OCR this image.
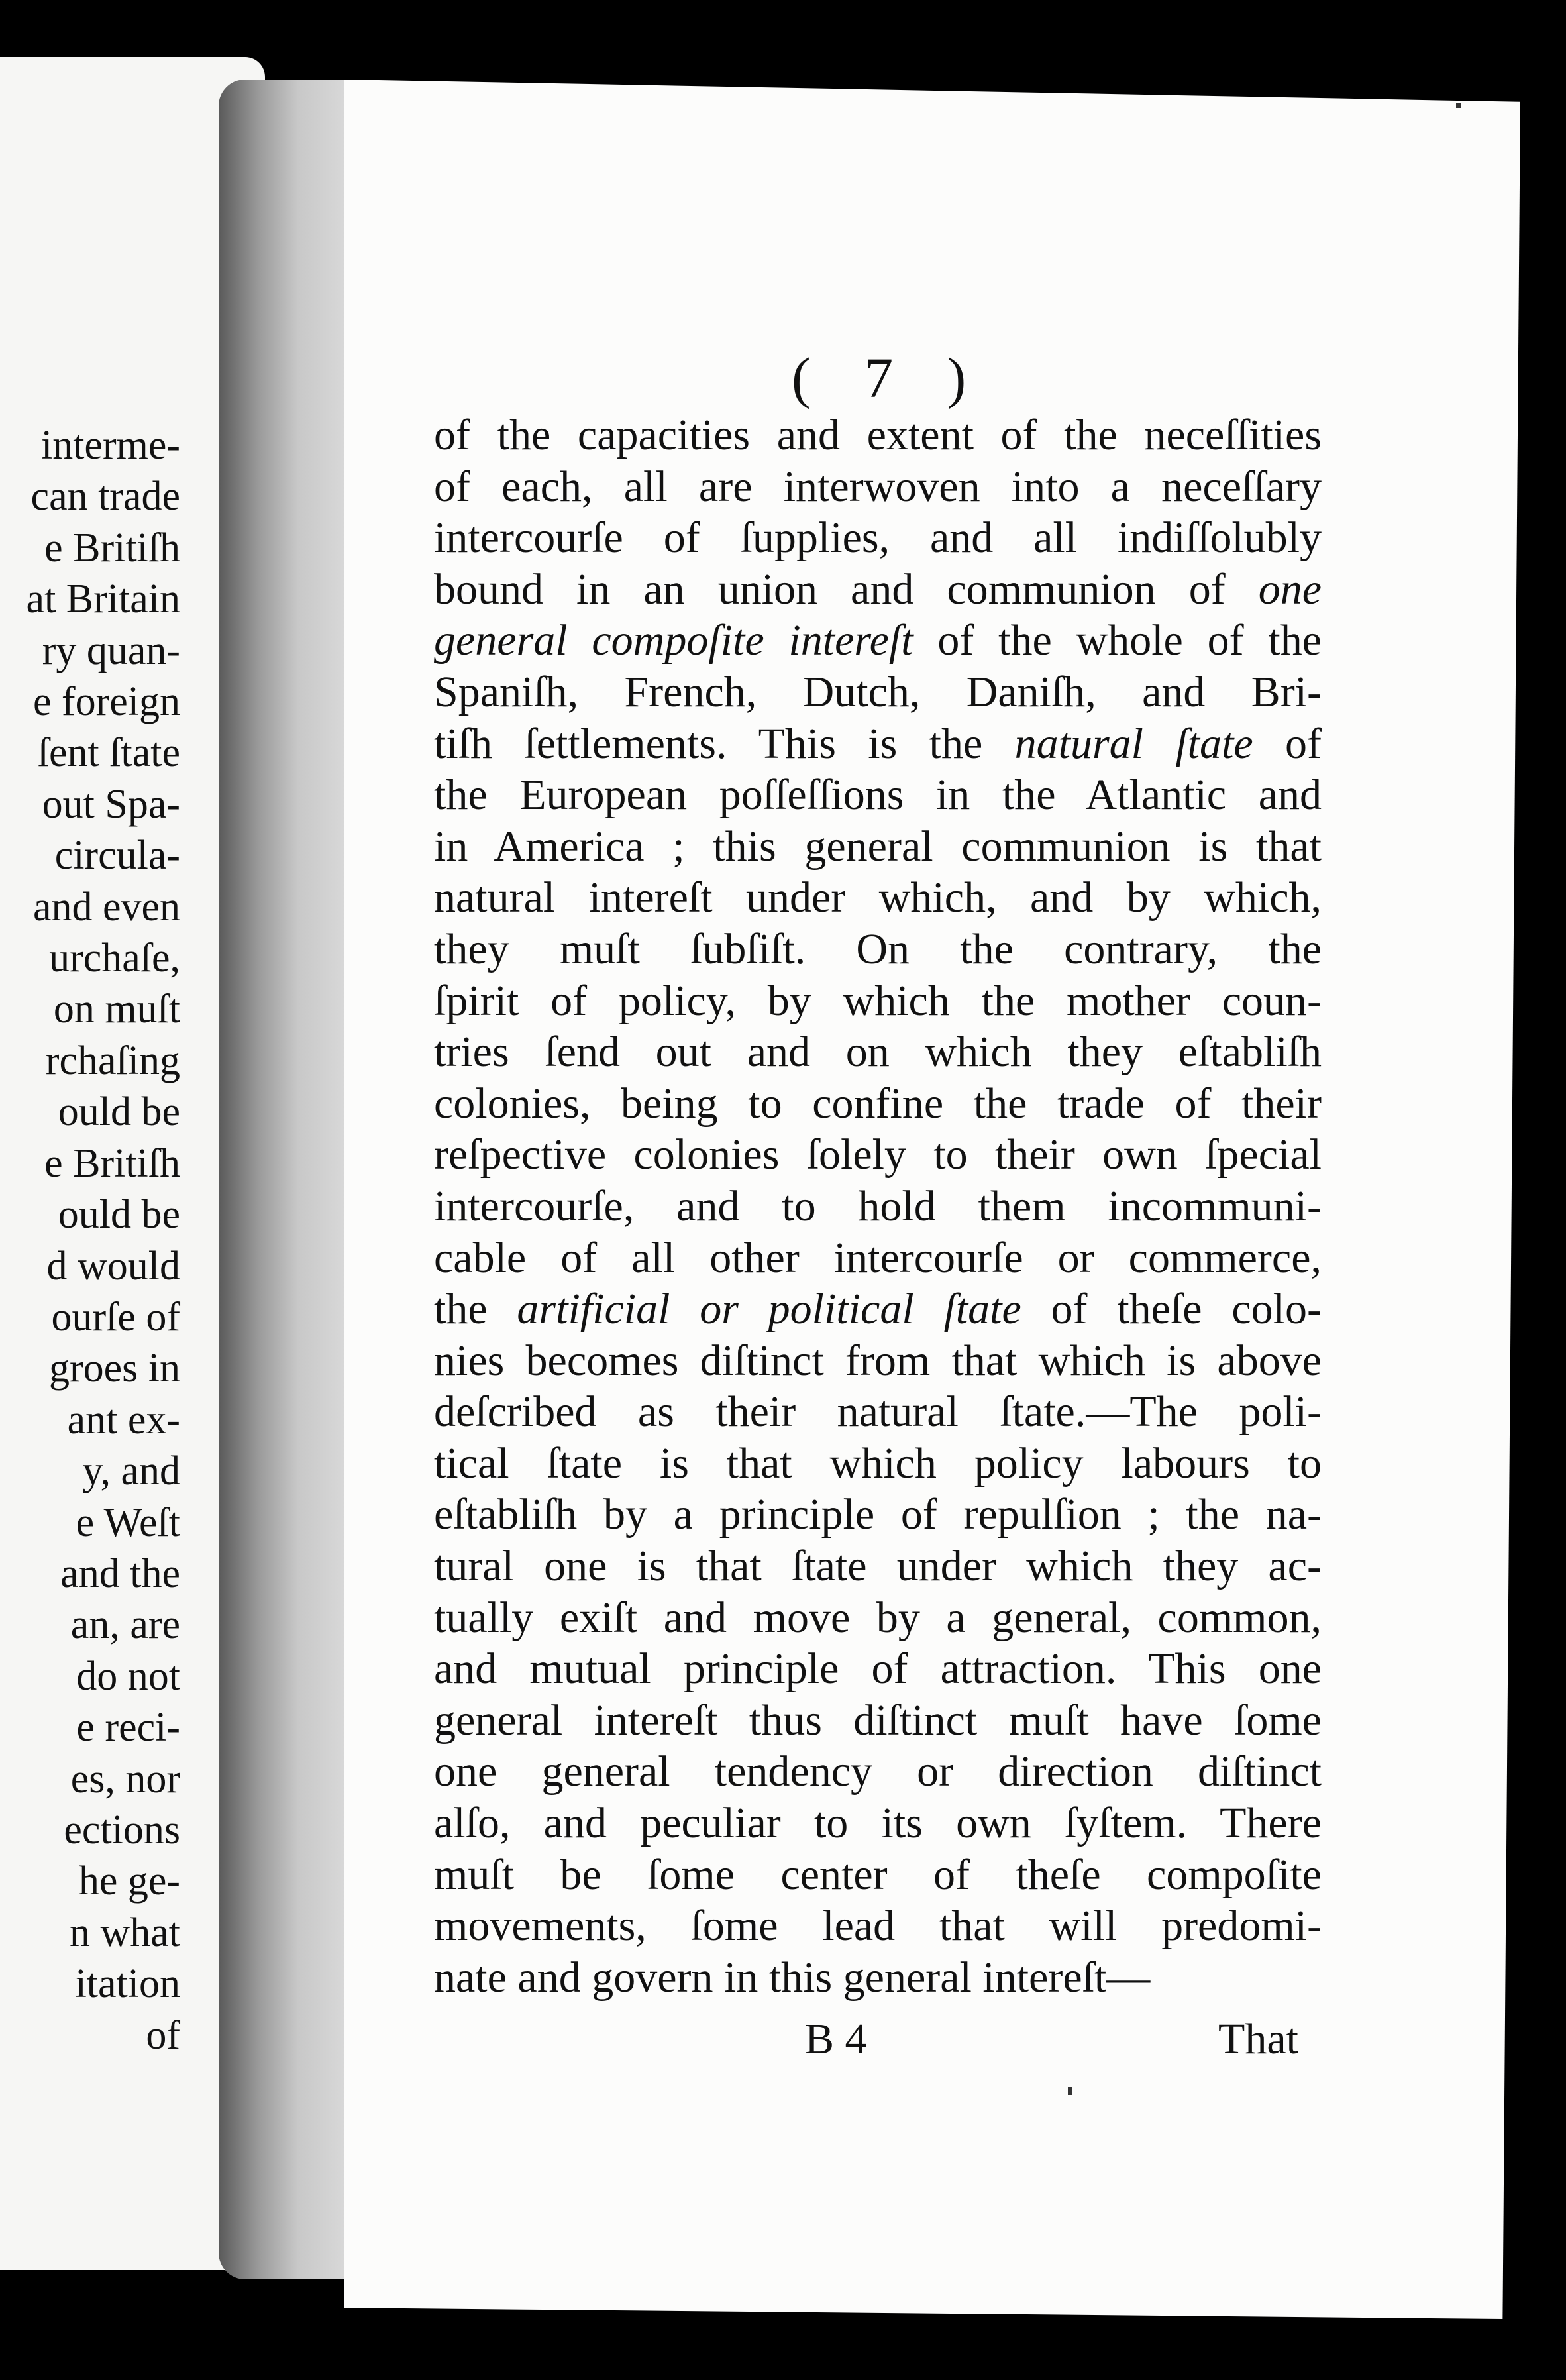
interme-
can trade
e Britiſh
at Britain
ry quan-
e foreign
ſent ſtate
out Spa-
circula-
and even
urchaſe,
on muſt
rchaſing
ould be
e Britiſh
ould be
d would
ourſe of
groes in
ant ex-
y, and
e Weſt
and the
an, are
do not
e reci-
es, nor
ections
he ge-
n what
itation
of
( 7 )
of the capacities and extent of the neceſſities
of each, all are interwoven into a neceſſary
intercourſe of ſupplies, and all indiſſolubly
bound in an union and communion of one
general compoſite intereſt of the whole of the
Spaniſh, French, Dutch, Daniſh, and Bri-
tiſh ſettlements. This is the natural ſtate of
the European poſſeſſions in the Atlantic and
in America ; this general communion is that
natural intereſt under which, and by which,
they muſt ſubſiſt. On the contrary, the
ſpirit of policy, by which the mother coun-
tries ſend out and on which they eſtabliſh
colonies, being to confine the trade of their
reſpective colonies ſolely to their own ſpecial
intercourſe, and to hold them incommuni-
cable of all other intercourſe or commerce,
the artificial or political ſtate of theſe colo-
nies becomes diſtinct from that which is above
deſcribed as their natural ſtate.—The poli-
tical ſtate is that which policy labours to
eſtabliſh by a principle of repulſion ; the na-
tural one is that ſtate under which they ac-
tually exiſt and move by a general, common,
and mutual principle of attraction. This one
general intereſt thus diſtinct muſt have ſome
one general tendency or direction diſtinct
alſo, and peculiar to its own ſyſtem. There
muſt be ſome center of theſe compoſite
movements, ſome lead that will predomi-
nate and govern in this general intereſt—
B 4	That
